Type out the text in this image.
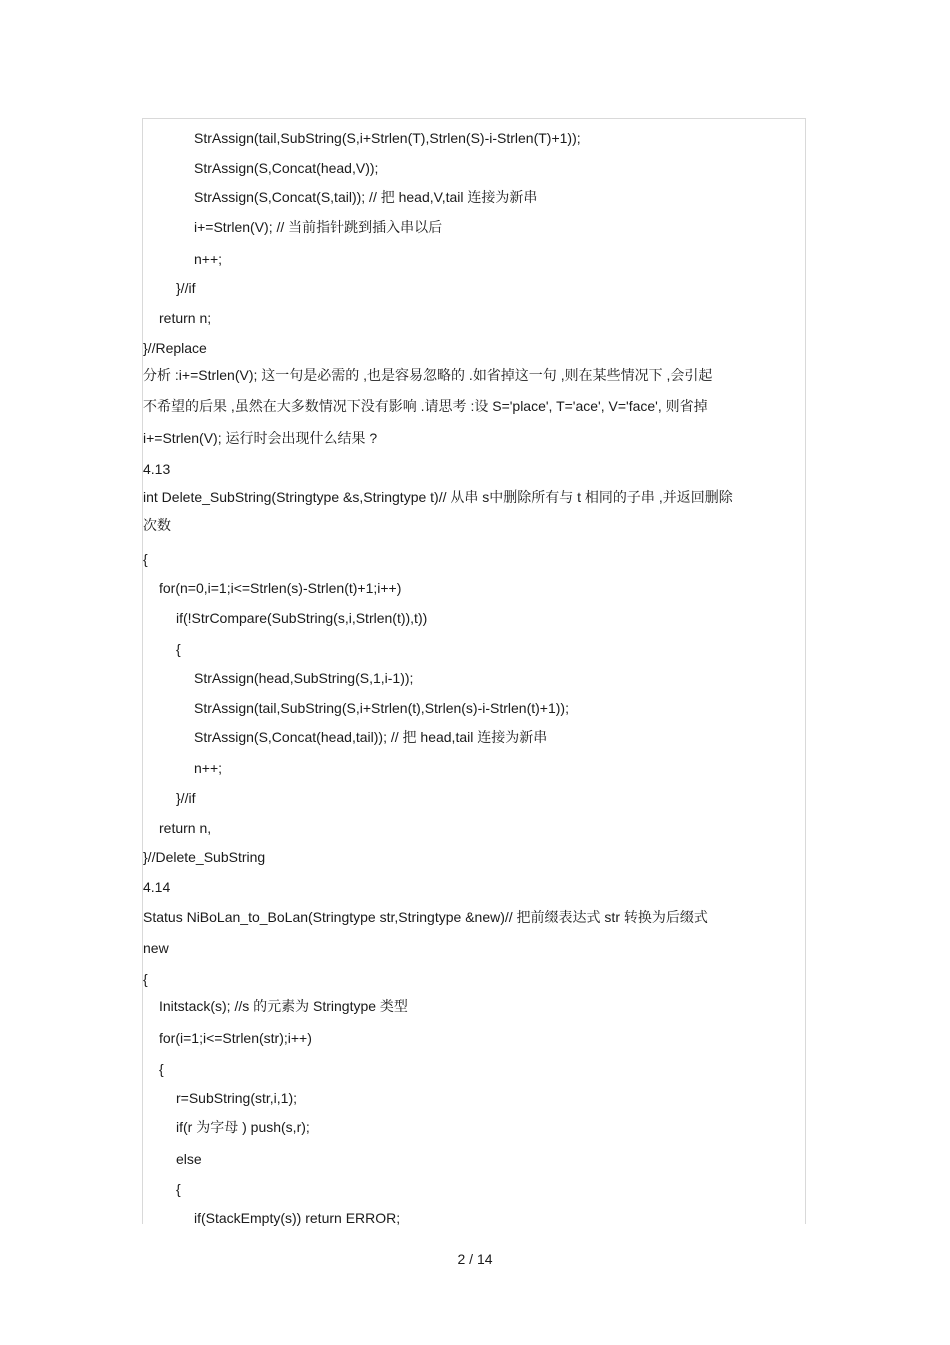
StrAssign(tail,SubString(S,i+Strlen(T),Strlen(S)-i-Strlen(T)+1));
StrAssign(S,Concat(head,V));
StrAssign(S,Concat(S,tail)); // 把 head,V,tail 连接为新串
i+=Strlen(V); // 当前指针跳到插入串以后
n++;
}//if
return n;
}//Replace
分析 :i+=Strlen(V); 这一句是必需的 ,也是容易忽略的 .如省掉这一句 ,则在某些情况下 ,会引起
不希望的后果 ,虽然在大多数情况下没有影响 .请思考 :设 S='place', T='ace', V='face', 则省掉
i+=Strlen(V); 运行时会出现什么结果 ?
4.13
int Delete_SubString(Stringtype &s,Stringtype t)// 从串 s中删除所有与 t 相同的子串 ,并返回删除
次数
{
for(n=0,i=1;i<=Strlen(s)-Strlen(t)+1;i++)
if(!StrCompare(SubString(s,i,Strlen(t)),t))
{
StrAssign(head,SubString(S,1,i-1));
StrAssign(tail,SubString(S,i+Strlen(t),Strlen(s)-i-Strlen(t)+1));
StrAssign(S,Concat(head,tail)); // 把 head,tail 连接为新串
n++;
}//if
return n,
}//Delete_SubString
4.14
Status NiBoLan_to_BoLan(Stringtype str,Stringtype &new)// 把前缀表达式 str 转换为后缀式
new
{
Initstack(s); //s 的元素为 Stringtype 类型
for(i=1;i<=Strlen(str);i++)
{
r=SubString(str,i,1);
if(r 为字母 ) push(s,r);
else
{
if(StackEmpty(s)) return ERROR;
2 / 14
